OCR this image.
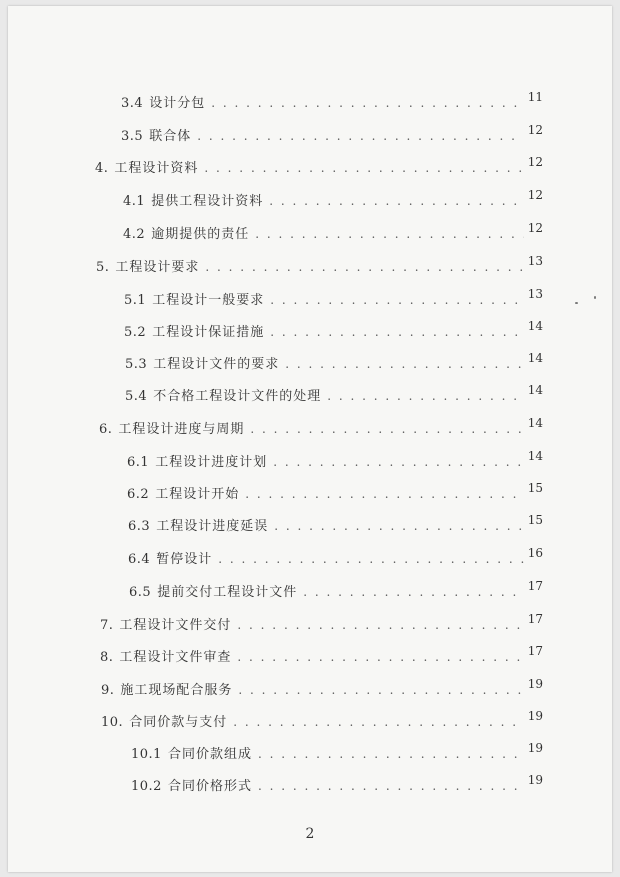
3.4 设计分包 . . .	11
3.5 联合体 . . .	12
4. 工程设计资料 . . .	12
4.1 提供工程设计资料 . . .	12
4.2 逾期提供的责任 . . .	12
5. 工程设计要求 . . .	13
5.1 工程设计一般要求 . . .	13
5.2 工程设计保证措施 . . .	14
5.3 工程设计文件的要求 . . .	14
5.4 不合格工程设计文件的处理 . . .	14
6. 工程设计进度与周期 . . .	14
6.1 工程设计进度计划 . . .	14
6.2 工程设计开始 . . .	15
6.3 工程设计进度延误 . . .	15
6.4 暂停设计 . . .	16
6.5 提前交付工程设计文件 . . .	17
7. 工程设计文件交付 . . .	17
8. 工程设计文件审查 . . .	17
9. 施工现场配合服务 . . .	19
10. 合同价款与支付 . . .	19
10.1 合同价款组成 . . .	19
10.2 合同价格形式 . . .	19
2
